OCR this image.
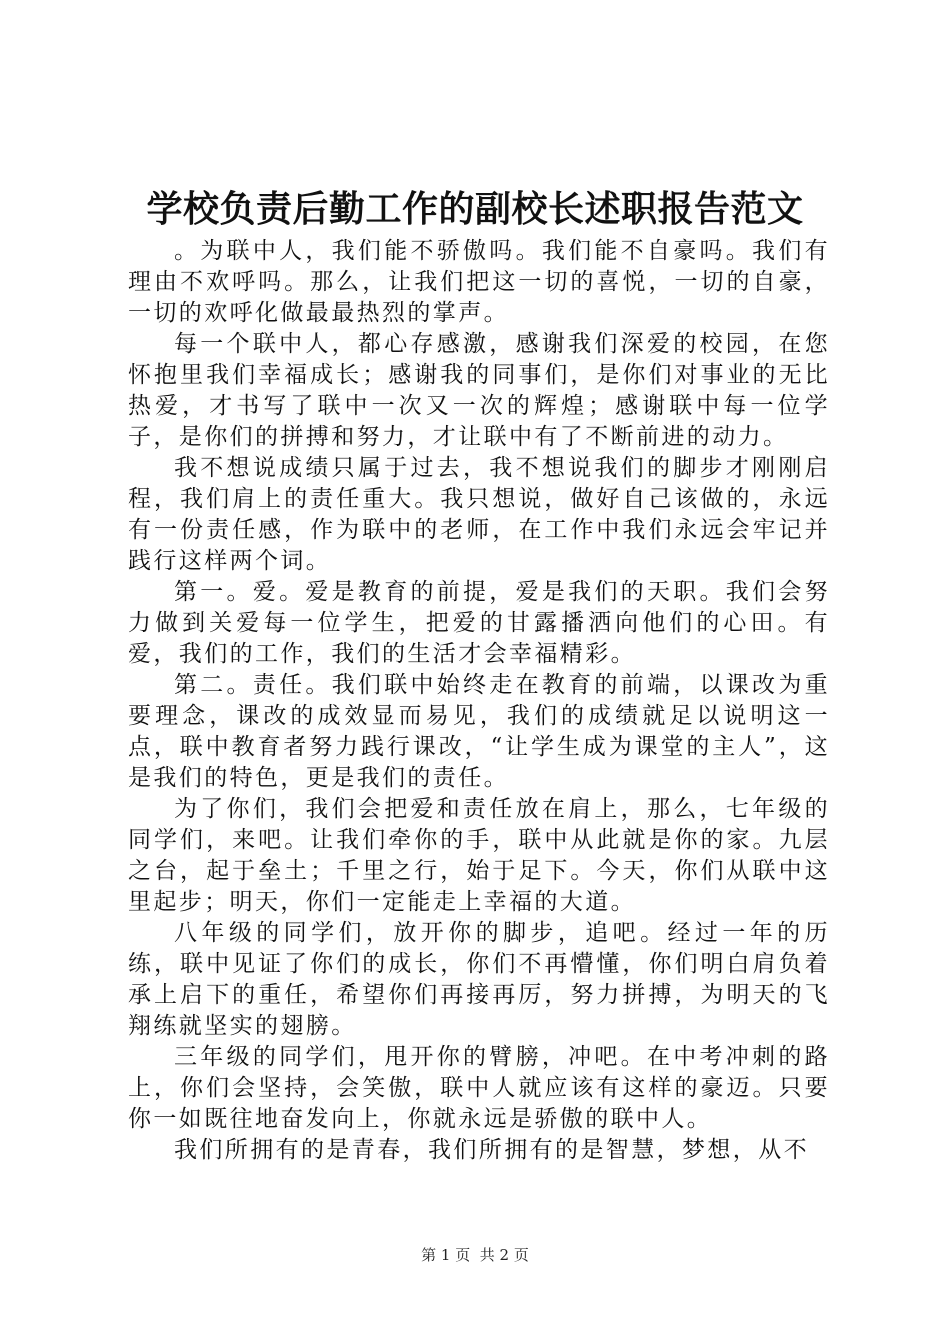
学校负责后勤工作的副校长述职报告范文

。为联中人，我们能不骄傲吗。我们能不自豪吗。我们有理由不欢呼吗。那么，让我们把这一切的喜悦，一切的自豪，一切的欢呼化做最最热烈的掌声。

每一个联中人，都心存感激，感谢我们深爱的校园，在您怀抱里我们幸福成长；感谢我的同事们，是你们对事业的无比热爱，才书写了联中一次又一次的辉煌；感谢联中每一位学子，是你们的拼搏和努力，才让联中有了不断前进的动力。

我不想说成绩只属于过去，我不想说我们的脚步才刚刚启程，我们肩上的责任重大。我只想说，做好自己该做的，永远有一份责任感，作为联中的老师，在工作中我们永远会牢记并践行这样两个词。

第一。爱。爱是教育的前提，爱是我们的天职。我们会努力做到关爱每一位学生，把爱的甘露播洒向他们的心田。有爱，我们的工作，我们的生活才会幸福精彩。

第二。责任。我们联中始终走在教育的前端，以课改为重要理念，课改的成效显而易见，我们的成绩就足以说明这一点，联中教育者努力践行课改，“让学生成为课堂的主人”，这是我们的特色，更是我们的责任。

为了你们，我们会把爱和责任放在肩上，那么，七年级的同学们，来吧。让我们牵你的手，联中从此就是你的家。九层之台，起于垒土；千里之行，始于足下。今天，你们从联中这里起步；明天，你们一定能走上幸福的大道。

八年级的同学们，放开你的脚步，追吧。经过一年的历练，联中见证了你们的成长，你们不再懵懂，你们明白肩负着承上启下的重任，希望你们再接再厉，努力拼搏，为明天的飞翔练就坚实的翅膀。

三年级的同学们，甩开你的臂膀，冲吧。在中考冲刺的路上，你们会坚持，会笑傲，联中人就应该有这样的豪迈。只要你一如既往地奋发向上，你就永远是骄傲的联中人。

我们所拥有的是青春，我们所拥有的是智慧，梦想，从不

第 1 页  共 2 页
